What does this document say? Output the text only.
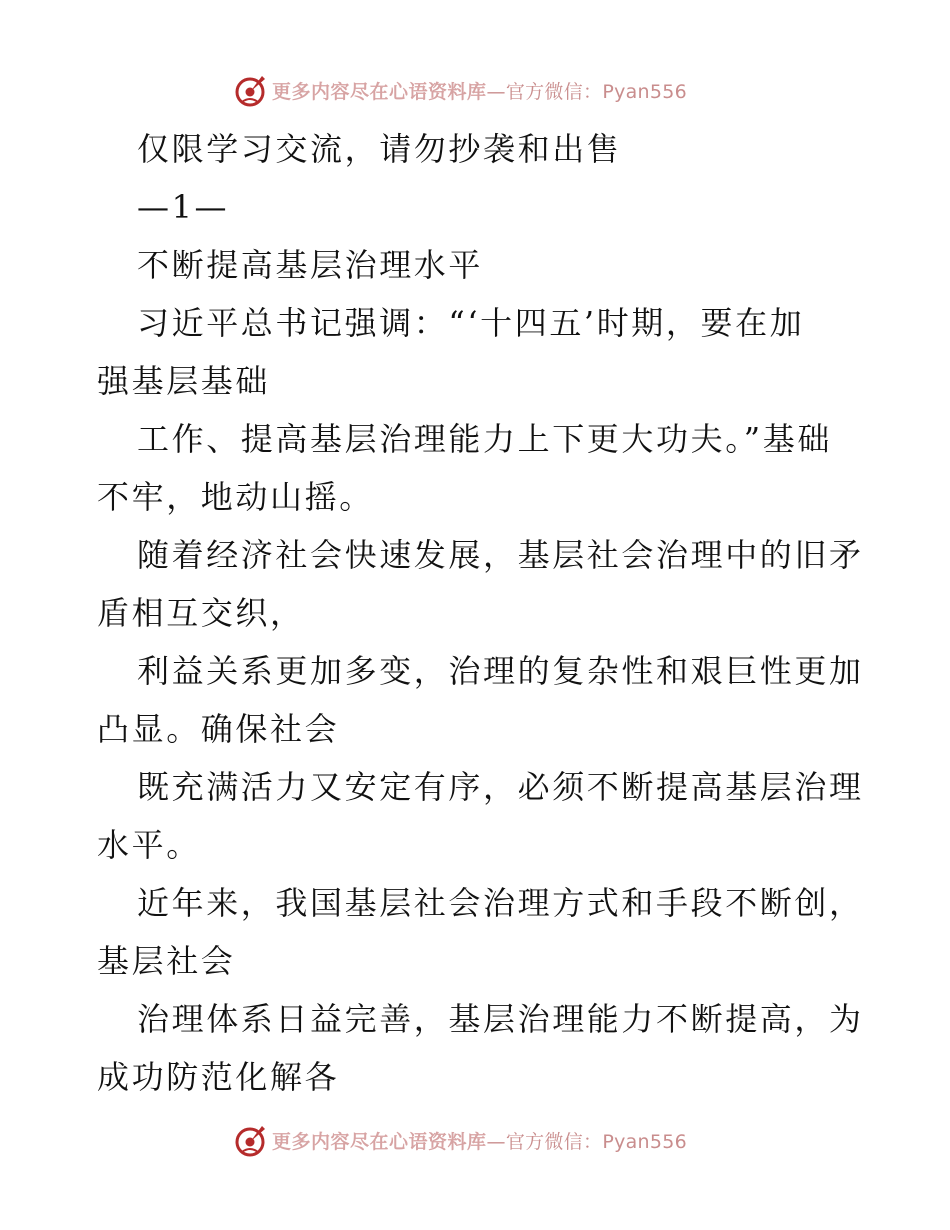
更多内容尽在心语资料库 —官方微信：Pyan556
仅限学习交流，请勿抄袭和出售
—1—
不断提高基层治理水平
习近平总书记强调：“‘十四五’时期，要在加
强基层基础
工作、提高基层治理能力上下更大功夫。”基础
不牢，地动山摇。
随着经济社会快速发展，基层社会治理中的旧矛
盾相互交织，
利益关系更加多变，治理的复杂性和艰巨性更加
凸显。确保社会
既充满活力又安定有序，必须不断提高基层治理
水平。
近年来，我国基层社会治理方式和手段不断创，
基层社会
治理体系日益完善，基层治理能力不断提高，为
成功防范化解各
更多内容尽在心语资料库 —官方微信：Pyan556
